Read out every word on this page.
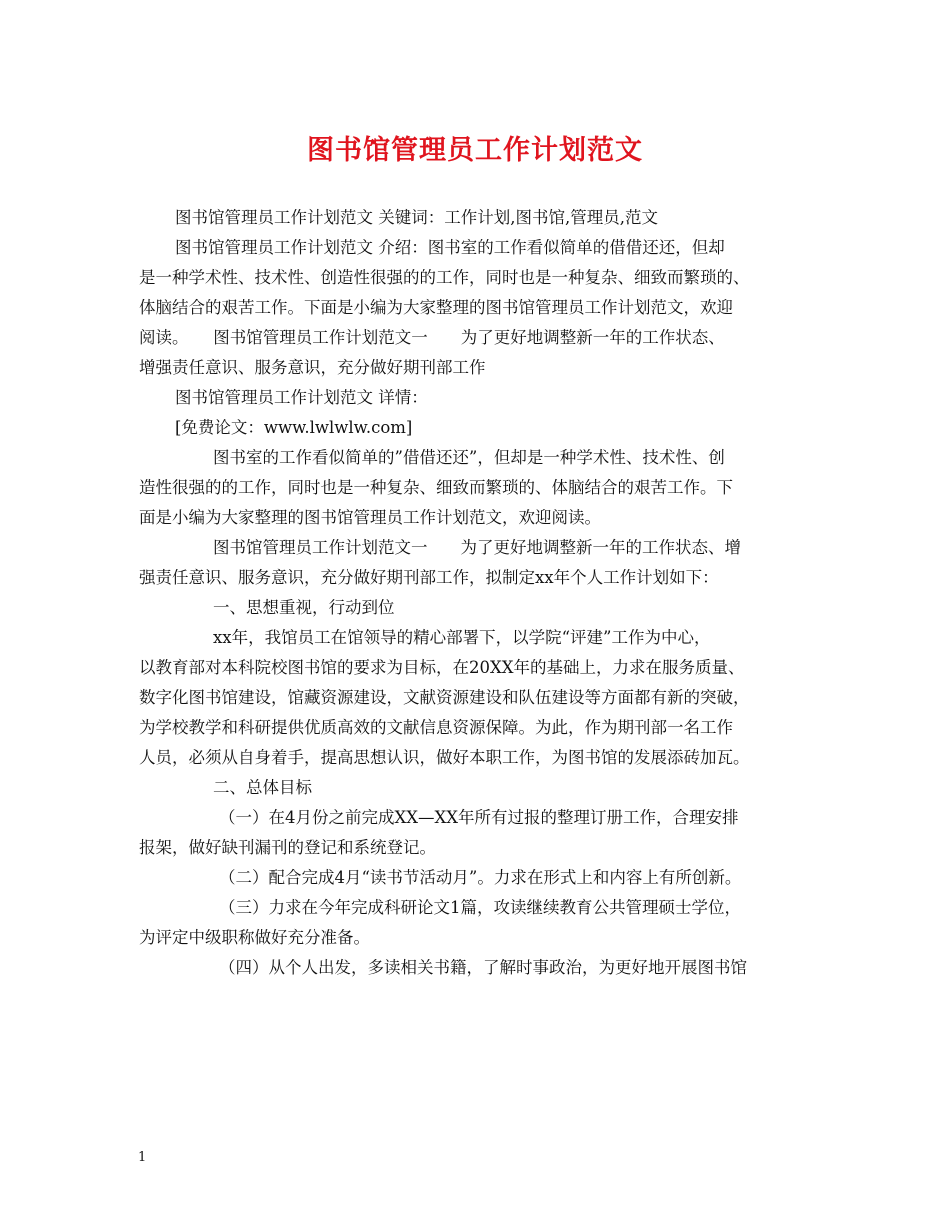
图书馆管理员工作计划范文
图书馆管理员工作计划范文 关键词：工作计划,图书馆,管理员,范文
图书馆管理员工作计划范文 介绍：图书室的工作看似简单的借借还还，但却
是一种学术性、技术性、创造性很强的的工作，同时也是一种复杂、细致而繁琐的、
体脑结合的艰苦工作。下面是小编为大家整理的图书馆管理员工作计划范文，欢迎
阅读。　　图书馆管理员工作计划范文一　　为了更好地调整新一年的工作状态、
增强责任意识、服务意识，充分做好期刊部工作
图书馆管理员工作计划范文 详情：
[免费论文：www.lwlwlw.com]
图书室的工作看似简单的”借借还还”，但却是一种学术性、技术性、创
造性很强的的工作，同时也是一种复杂、细致而繁琐的、体脑结合的艰苦工作。下
面是小编为大家整理的图书馆管理员工作计划范文，欢迎阅读。
图书馆管理员工作计划范文一　　为了更好地调整新一年的工作状态、增
强责任意识、服务意识，充分做好期刊部工作，拟制定xx年个人工作计划如下：
一、思想重视，行动到位
xx年，我馆员工在馆领导的精心部署下，以学院“评建”工作为中心，
以教育部对本科院校图书馆的要求为目标，在20XX年的基础上，力求在服务质量、
数字化图书馆建设，馆藏资源建设，文献资源建设和队伍建设等方面都有新的突破，
为学校教学和科研提供优质高效的文献信息资源保障。为此，作为期刊部一名工作
人员，必须从自身着手，提高思想认识，做好本职工作，为图书馆的发展添砖加瓦。
二、总体目标
（一）在4月份之前完成XX—XX年所有过报的整理订册工作，合理安排
报架，做好缺刊漏刊的登记和系统登记。
（二）配合完成4月“读书节活动月”。力求在形式上和内容上有所创新。
（三）力求在今年完成科研论文1篇，攻读继续教育公共管理硕士学位，
为评定中级职称做好充分准备。
（四）从个人出发，多读相关书籍，了解时事政治，为更好地开展图书馆
1
